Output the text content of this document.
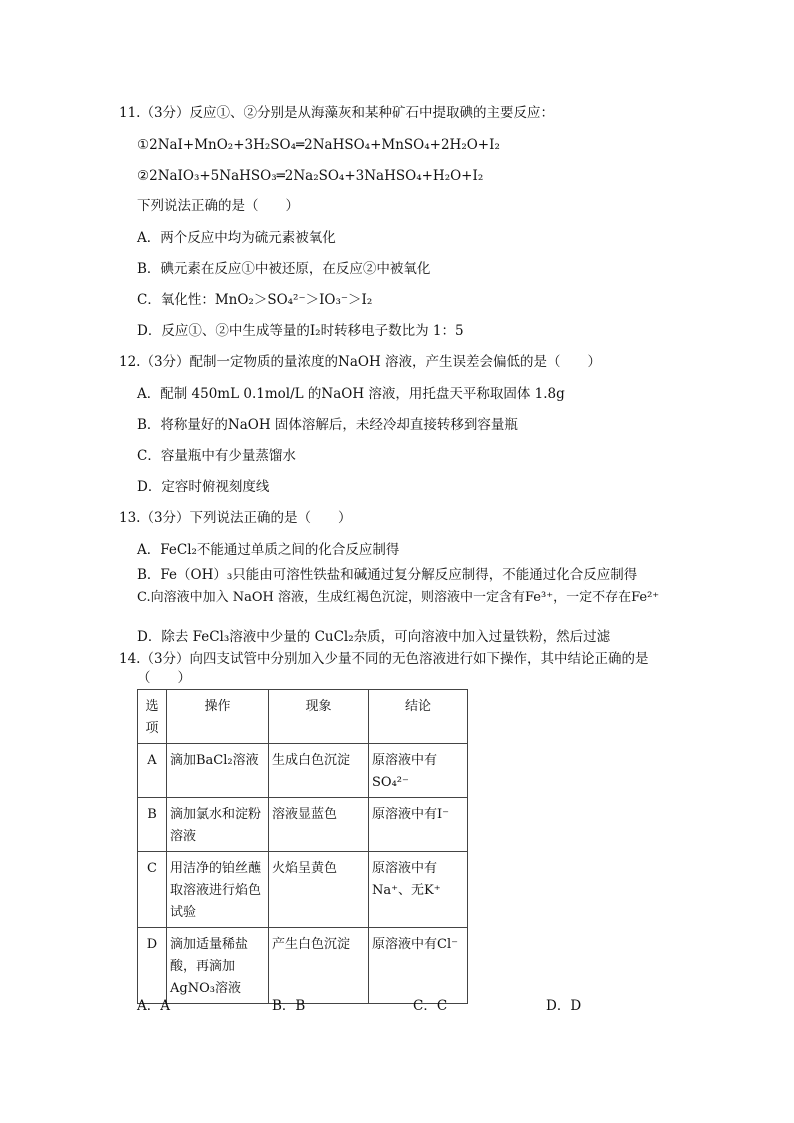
11.（3分）反应①、②分别是从海藻灰和某种矿石中提取碘的主要反应：
①2NaI+MnO₂+3H₂SO₄═2NaHSO₄+MnSO₄+2H₂O+I₂
②2NaIO₃+5NaHSO₃═2Na₂SO₄+3NaHSO₄+H₂O+I₂
下列说法正确的是（　　）
A．两个反应中均为硫元素被氧化
B．碘元素在反应①中被还原，在反应②中被氧化
C．氧化性：MnO₂＞SO₄²⁻＞IO₃⁻＞I₂
D．反应①、②中生成等量的I₂时转移电子数比为 1：5
12.（3分）配制一定物质的量浓度的NaOH 溶液，产生误差会偏低的是（　　）
A．配制 450mL 0.1mol/L 的NaOH 溶液，用托盘天平称取固体 1.8g
B．将称量好的NaOH 固体溶解后，未经冷却直接转移到容量瓶
C．容量瓶中有少量蒸馏水
D．定容时俯视刻度线
13.（3分）下列说法正确的是（　　）
A．FeCl₂不能通过单质之间的化合反应制得
B．Fe（OH）₃只能由可溶性铁盐和碱通过复分解反应制得，不能通过化合反应制得
C.向溶液中加入 NaOH 溶液，生成红褐色沉淀，则溶液中一定含有Fe³⁺，一定不存在Fe²⁺
D．除去 FeCl₃溶液中少量的 CuCl₂杂质，可向溶液中加入过量铁粉，然后过滤
14.（3分）向四支试管中分别加入少量不同的无色溶液进行如下操作，其中结论正确的是
（　　）
选项	操作	现象	结论
A	滴加BaCl₂溶液	生成白色沉淀	原溶液中有SO₄²⁻
B	滴加氯水和淀粉溶液	溶液显蓝色	原溶液中有I⁻
C	用洁净的铂丝蘸取溶液进行焰色试验	火焰呈黄色	原溶液中有Na⁺、无K⁺
D	滴加适量稀盐酸，再滴加AgNO₃溶液	产生白色沉淀	原溶液中有Cl⁻
A．A	B．B	C．C	D．D
